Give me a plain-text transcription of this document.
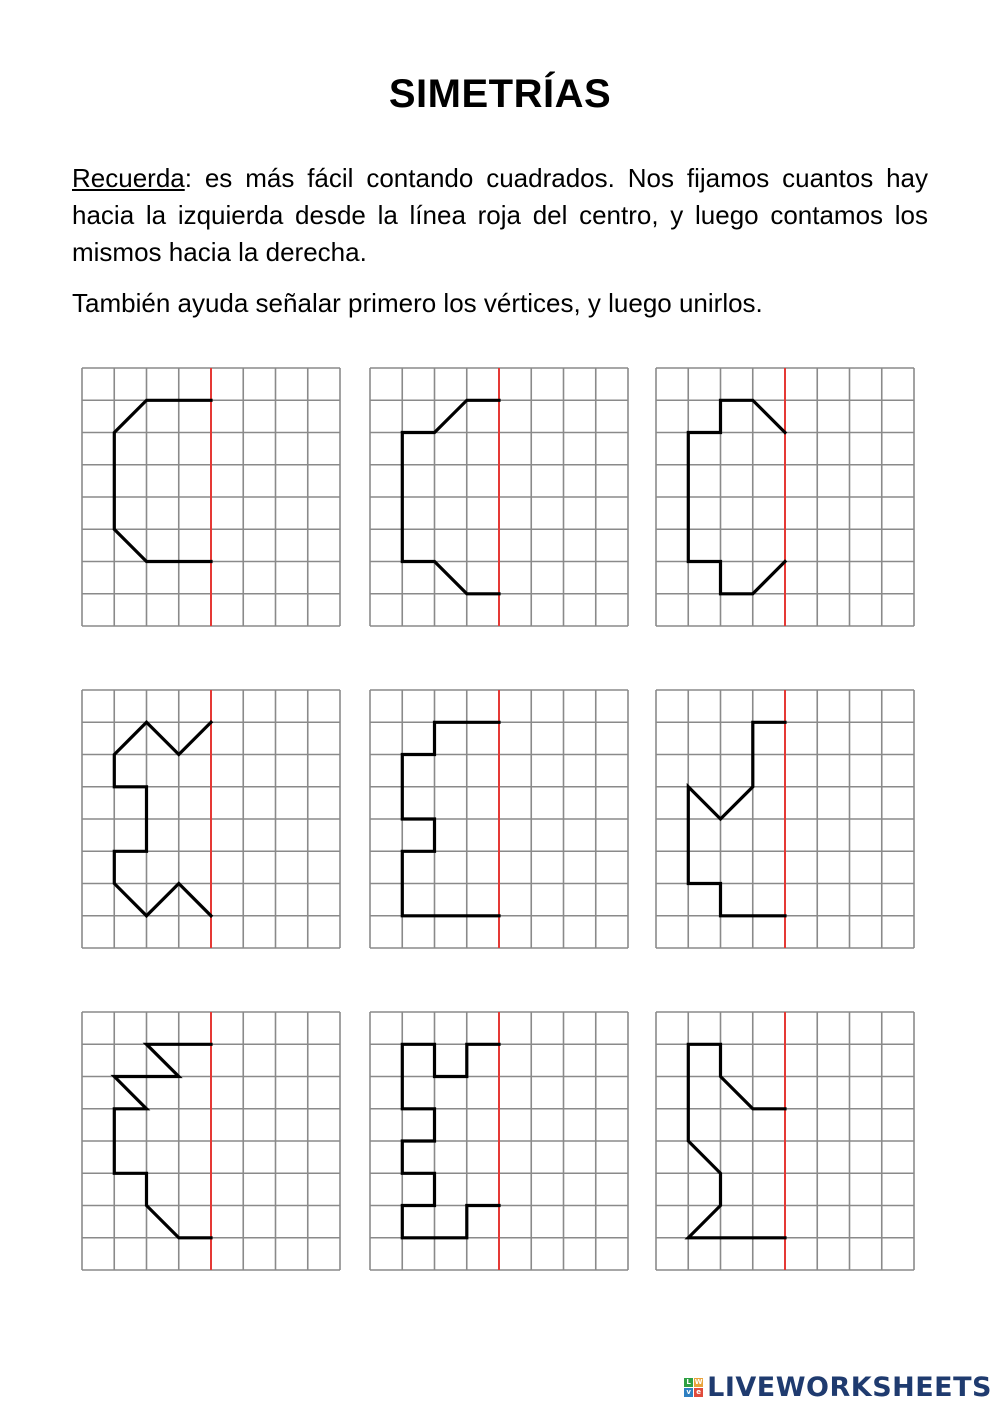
SIMETRÍAS

Recuerda: es más fácil contando cuadrados. Nos fijamos cuantos hay hacia la izquierda desde la línea roja del centro, y luego contamos los mismos hacia la derecha.

También ayuda señalar primero los vértices, y luego unirlos.

L W
v e LIVEWORKSHEETS
